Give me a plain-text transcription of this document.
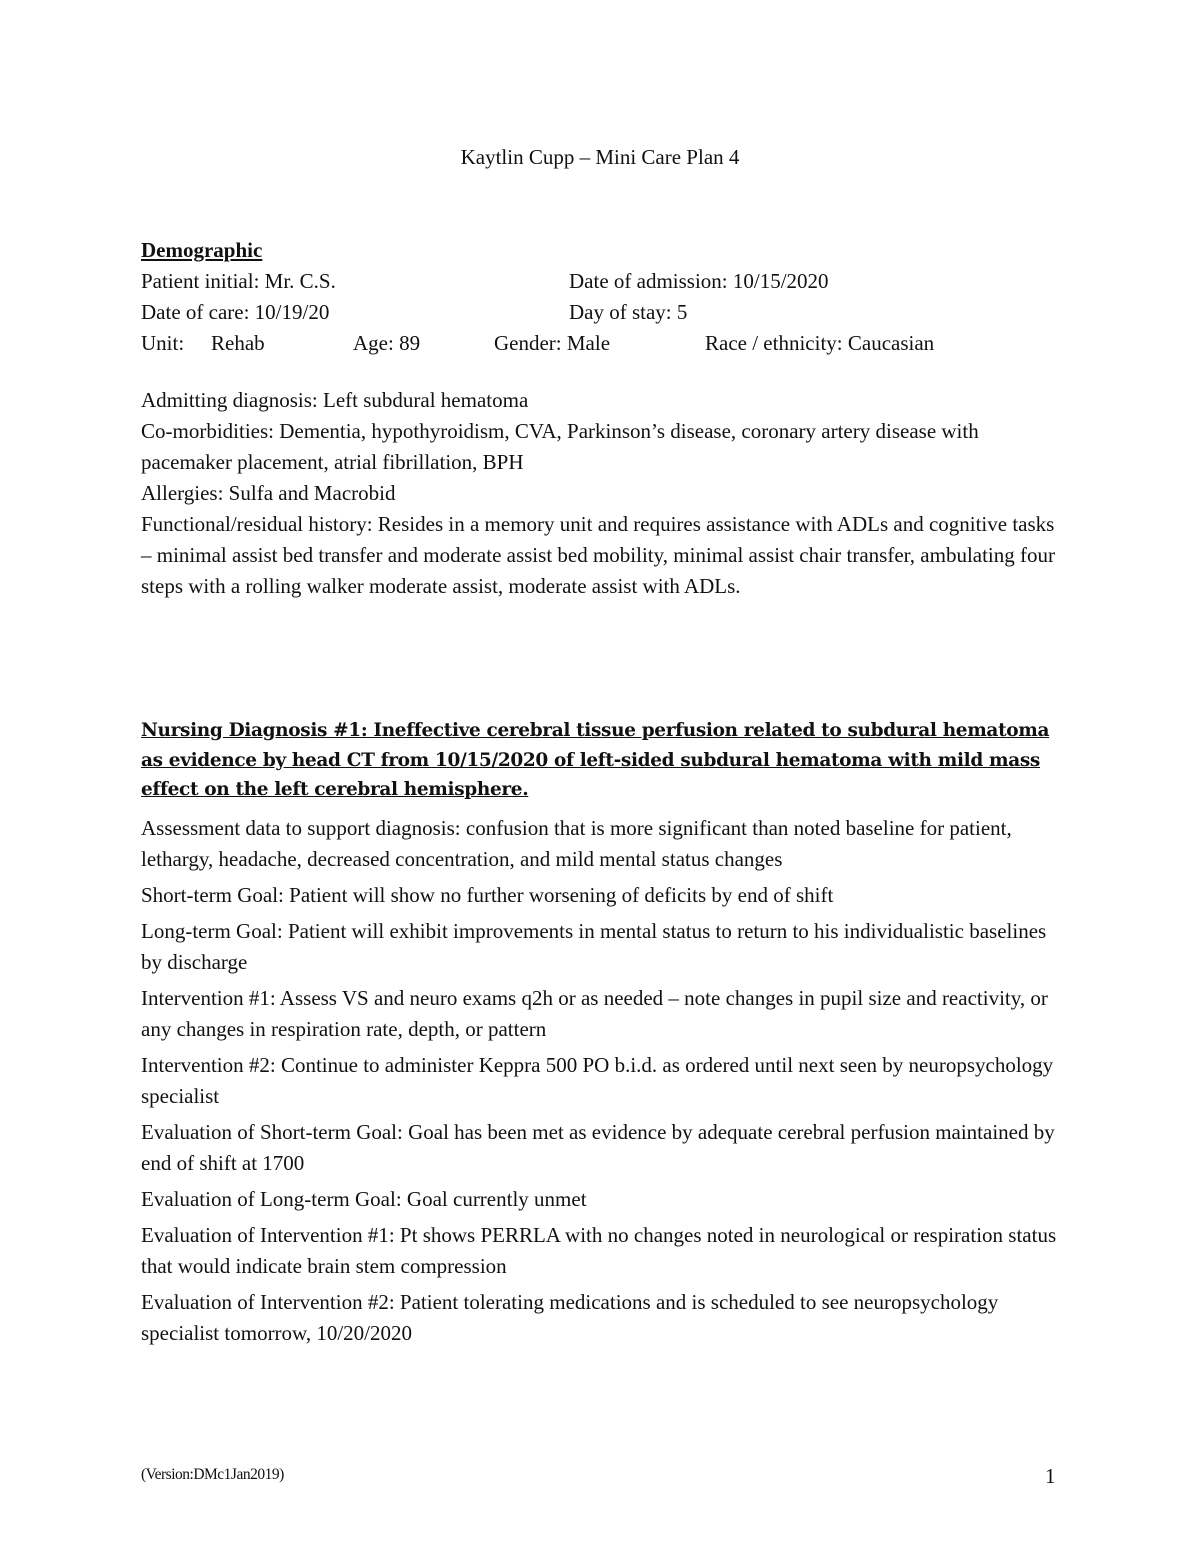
Kaytlin Cupp – Mini Care Plan 4
Demographic
Patient initial: Mr. C.S.	Date of admission: 10/15/2020
Date of care: 10/19/20	Day of stay: 5
Unit: Rehab	Age: 89	Gender: Male	Race / ethnicity: Caucasian

Admitting diagnosis: Left subdural hematoma

Co-morbidities: Dementia, hypothyroidism, CVA, Parkinson’s disease, coronary artery disease with pacemaker placement, atrial fibrillation, BPH

Allergies: Sulfa and Macrobid

Functional/residual history: Resides in a memory unit and requires assistance with ADLs and cognitive tasks – minimal assist bed transfer and moderate assist bed mobility, minimal assist chair transfer, ambulating four steps with a rolling walker moderate assist, moderate assist with ADLs.

Nursing Diagnosis #1: Ineffective cerebral tissue perfusion related to subdural hematoma as evidence by head CT from 10/15/2020 of left-sided subdural hematoma with mild mass effect on the left cerebral hemisphere.

Assessment data to support diagnosis: confusion that is more significant than noted baseline for patient, lethargy, headache, decreased concentration, and mild mental status changes

Short-term Goal: Patient will show no further worsening of deficits by end of shift

Long-term Goal: Patient will exhibit improvements in mental status to return to his individualistic baselines by discharge

Intervention #1: Assess VS and neuro exams q2h or as needed – note changes in pupil size and reactivity, or any changes in respiration rate, depth, or pattern

Intervention #2: Continue to administer Keppra 500 PO b.i.d. as ordered until next seen by neuropsychology specialist

Evaluation of Short-term Goal: Goal has been met as evidence by adequate cerebral perfusion maintained by end of shift at 1700

Evaluation of Long-term Goal: Goal currently unmet

Evaluation of Intervention #1: Pt shows PERRLA with no changes noted in neurological or respiration status that would indicate brain stem compression

Evaluation of Intervention #2: Patient tolerating medications and is scheduled to see neuropsychology specialist tomorrow, 10/20/2020

(Version:DMc1Jan2019)	1
